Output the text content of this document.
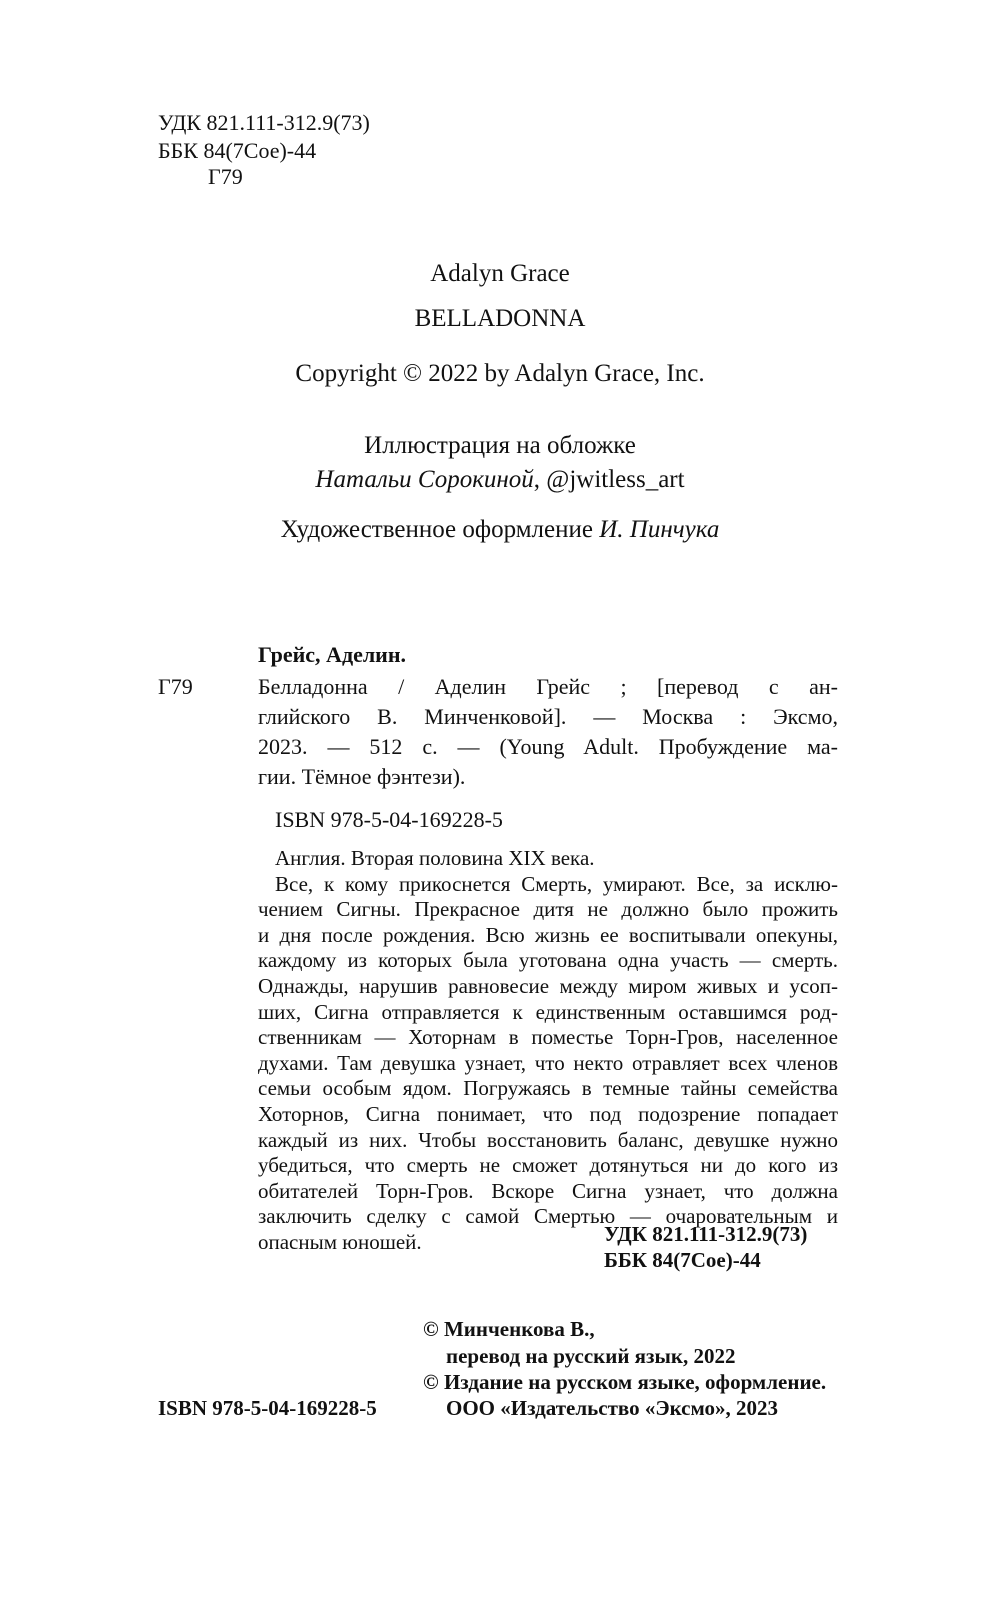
УДК 821.111-312.9(73)
ББК 84(7Сое)-44
Г79
Adalyn Grace
BELLADONNA
Copyright © 2022 by Adalyn Grace, Inc.
Иллюстрация на обложке
Натальи Сорокиной, @jwitless_art
Художественное оформление И. Пинчука
Грейс, Аделин.
Г79	Белладонна / Аделин Грейс ; [перевод с ан-
глийского В. Минченковой]. — Москва : Эксмо,
2023. — 512 с. — (Young Adult. Пробуждение ма-
гии. Тёмное фэнтези).
ISBN 978-5-04-169228-5
Англия. Вторая половина XIX века.
Все, к кому прикоснется Смерть, умирают. Все, за исклю-
чением Сигны. Прекрасное дитя не должно было прожить
и дня после рождения. Всю жизнь ее воспитывали опекуны,
каждому из которых была уготована одна участь — смерть.
Однажды, нарушив равновесие между миром живых и усоп-
ших, Сигна отправляется к единственным оставшимся род-
ственникам — Хоторнам в поместье Торн-Гров, населенное
духами. Там девушка узнает, что некто отравляет всех членов
семьи особым ядом. Погружаясь в темные тайны семейства
Хоторнов, Сигна понимает, что под подозрение попадает
каждый из них. Чтобы восстановить баланс, девушке нужно
убедиться, что смерть не сможет дотянуться ни до кого из
обитателей Торн-Гров. Вскоре Сигна узнает, что должна
заключить сделку с самой Смертью — очаровательным и
опасным юношей.	УДК 821.111-312.9(73)
ББК 84(7Сое)-44
ISBN 978-5-04-169228-5
© Минченкова В.,
перевод на русский язык, 2022
© Издание на русском языке, оформление.
ООО «Издательство «Эксмо», 2023
